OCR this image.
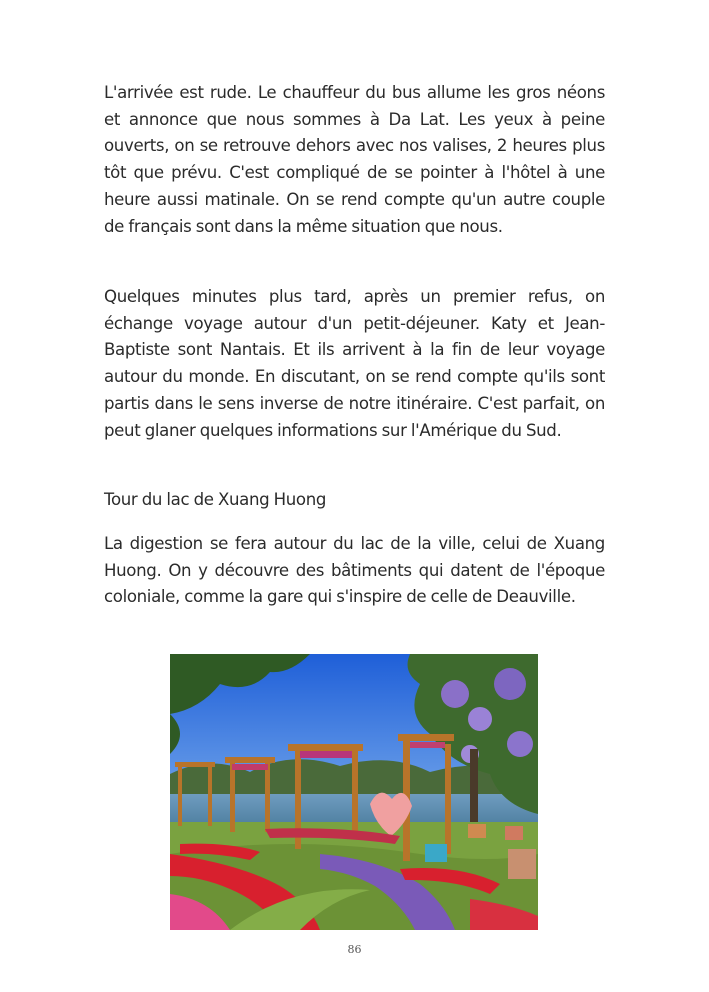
L'arrivée est rude. Le chauffeur du bus allume les gros néons et annonce que nous sommes à Da Lat. Les yeux à peine ouverts, on se retrouve dehors avec nos valises, 2 heures plus tôt que prévu. C'est compliqué de se pointer à l'hôtel à une heure aussi matinale. On se rend compte qu'un autre couple de français sont dans la même situation que nous.

Quelques minutes plus tard, après un premier refus, on échange voyage autour d'un petit-déjeuner. Katy et Jean-Baptiste sont Nantais. Et ils arrivent à la fin de leur voyage autour du monde. En discutant, on se rend compte qu'ils sont partis dans le sens inverse de notre itinéraire. C'est parfait, on peut glaner quelques informations sur l'Amérique du Sud.

Tour du lac de Xuang Huong

La digestion se fera autour du lac de la ville, celui de Xuang Huong. On y découvre des bâtiments qui datent de l'époque coloniale, comme la gare qui s'inspire de celle de Deauville.

86
